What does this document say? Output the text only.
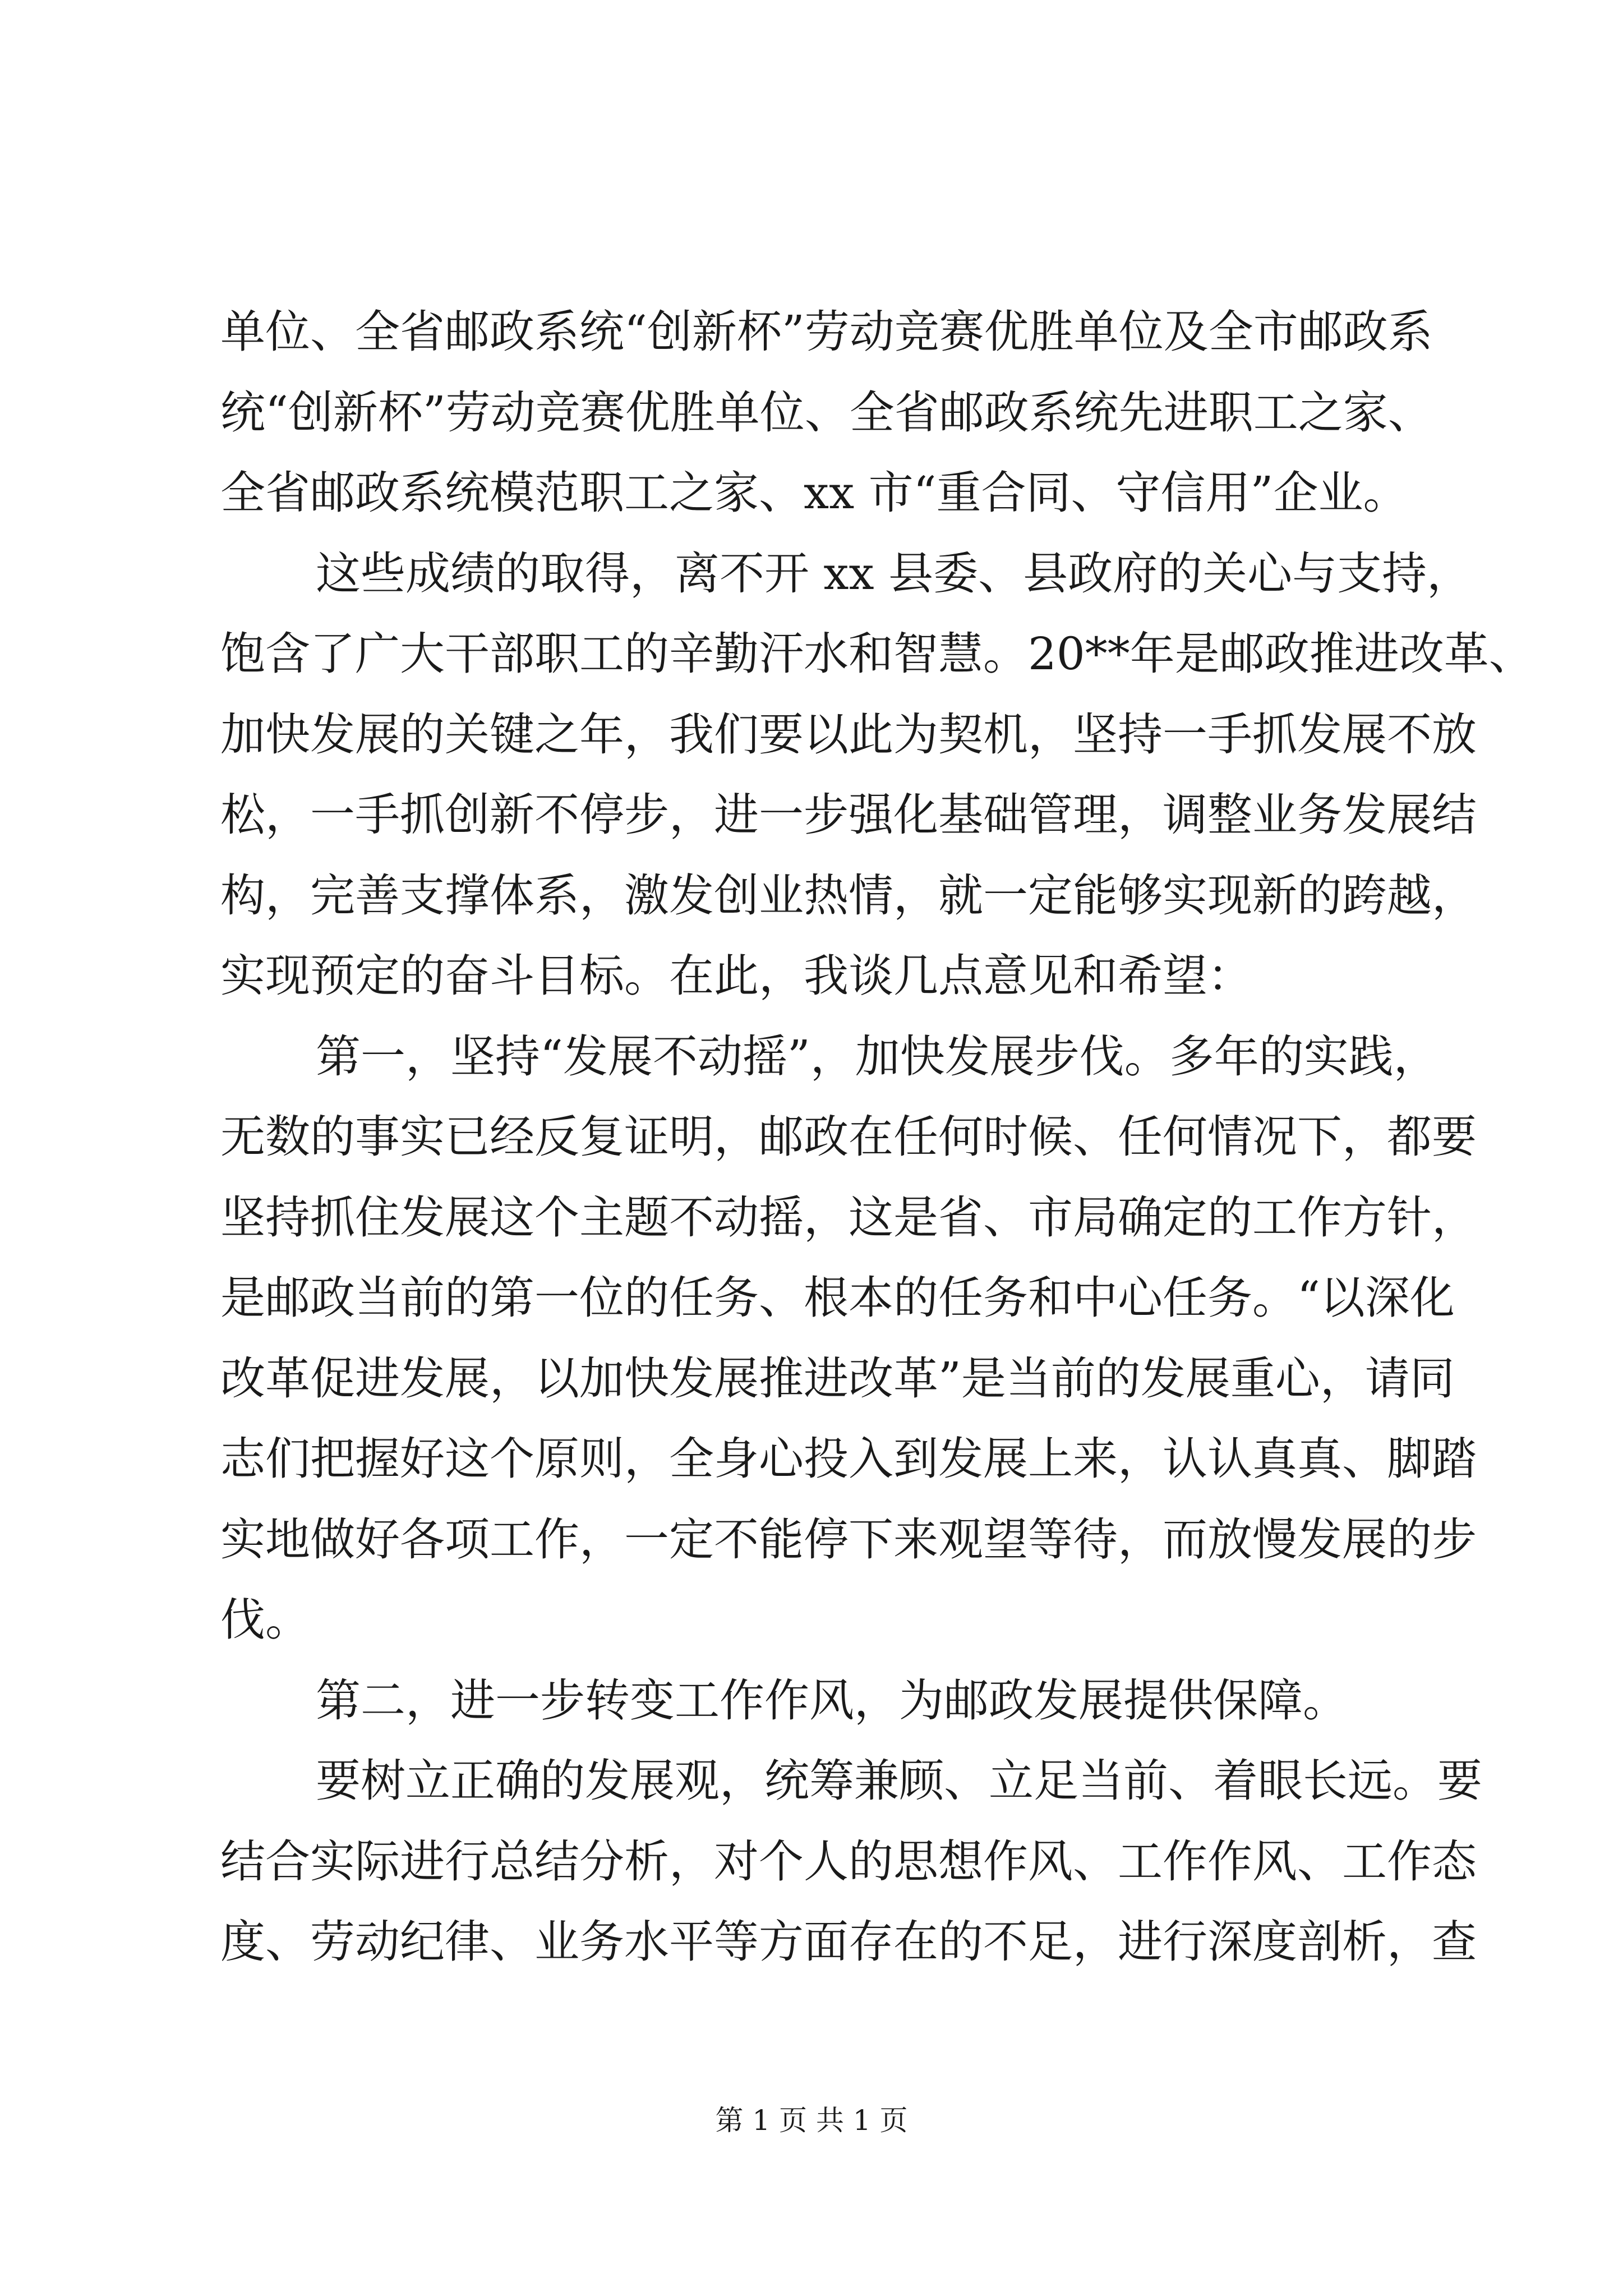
单位、全省邮政系统“创新杯”劳动竞赛优胜单位及全市邮政系
统“创新杯”劳动竞赛优胜单位、全省邮政系统先进职工之家、
全省邮政系统模范职工之家、xx 市“重合同、守信用”企业。
这些成绩的取得，离不开 xx 县委、县政府的关心与支持，
饱含了广大干部职工的辛勤汗水和智慧。20**年是邮政推进改革、
加快发展的关键之年，我们要以此为契机，坚持一手抓发展不放
松，一手抓创新不停步，进一步强化基础管理，调整业务发展结
构，完善支撑体系，激发创业热情，就一定能够实现新的跨越，
实现预定的奋斗目标。在此，我谈几点意见和希望：
第一，坚持“发展不动摇”，加快发展步伐。多年的实践，
无数的事实已经反复证明，邮政在任何时候、任何情况下，都要
坚持抓住发展这个主题不动摇，这是省、市局确定的工作方针，
是邮政当前的第一位的任务、根本的任务和中心任务。“以深化
改革促进发展，以加快发展推进改革”是当前的发展重心，请同
志们把握好这个原则，全身心投入到发展上来，认认真真、脚踏
实地做好各项工作，一定不能停下来观望等待，而放慢发展的步
伐。
第二，进一步转变工作作风，为邮政发展提供保障。
要树立正确的发展观，统筹兼顾、立足当前、着眼长远。要
结合实际进行总结分析，对个人的思想作风、工作作风、工作态
度、劳动纪律、业务水平等方面存在的不足，进行深度剖析，查
第 1 页 共 1 页
